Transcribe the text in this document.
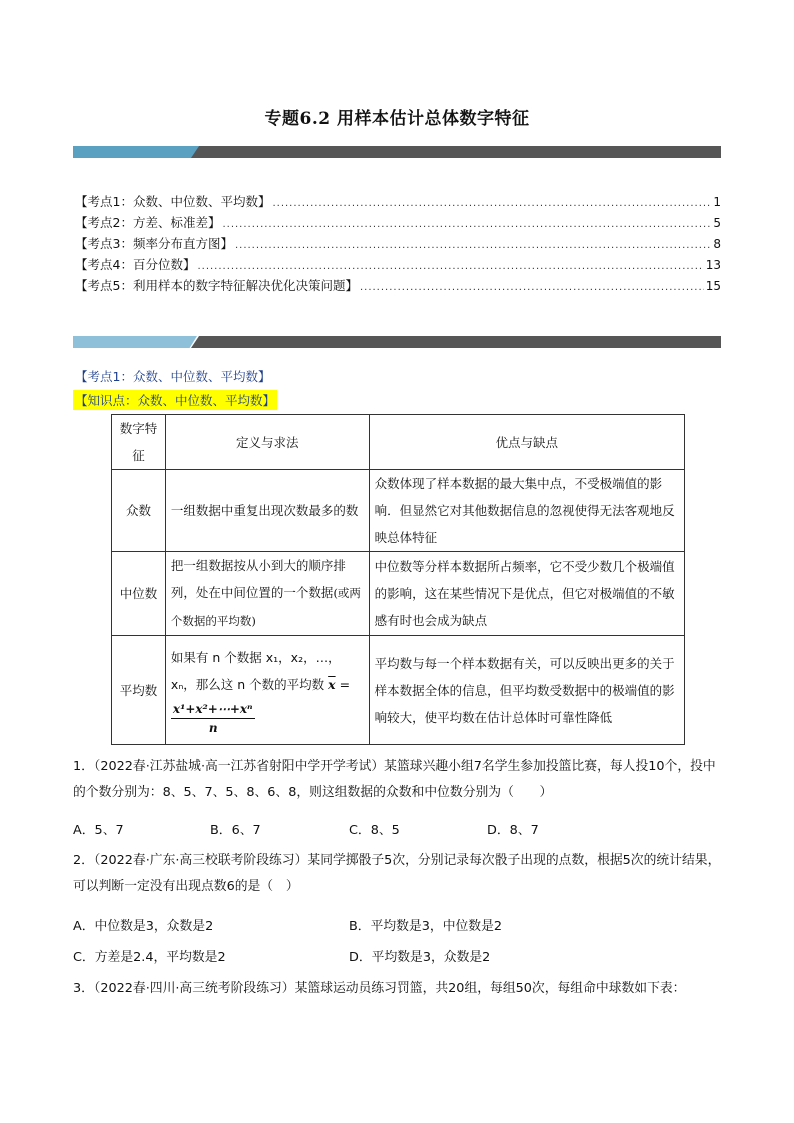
专题6.2 用样本估计总体数字特征
【考点1：众数、中位数、平均数】 .....	1
【考点2：方差、标准差】 .....	5
【考点3：频率分布直方图】 .....	8
【考点4：百分位数】 .....	13
【考点5：利用样本的数字特征解决优化决策问题】 .....	15
【考点1：众数、中位数、平均数】
【知识点：众数、中位数、平均数】
数字特征	定义与求法	优点与缺点
众数	一组数据中重复出现次数最多的数	众数体现了样本数据的最大集中点，不受极端值的影响．但显然它对其他数据信息的忽视使得无法客观地反映总体特征
中位数	把一组数据按从小到大的顺序排列，处在中间位置的一个数据(或两个数据的平均数)	中位数等分样本数据所占频率，它不受少数几个极端值的影响，这在某些情况下是优点，但它对极端值的不敏感有时也会成为缺点
平均数	如果有 n 个数据 x₁，x₂，…，xₙ，那么这 n 个数的平均数 $\overline{x}$ =
x¹+x²+⋯+xⁿ
n	平均数与每一个样本数据有关，可以反映出更多的关于样本数据全体的信息，但平均数受数据中的极端值的影响较大，使平均数在估计总体时可靠性降低
1．（2022春·江苏盐城·高一江苏省射阳中学开学考试）某篮球兴趣小组7名学生参加投篮比赛，每人投10个，投中的个数分别为：8、5、7、5、8、6、8，则这组数据的众数和中位数分别为（　　）
A．5、7	B．6、7	C．8、5	D．8、7
2．（2022春·广东·高三校联考阶段练习）某同学掷骰子5次，分别记录每次骰子出现的点数，根据5次的统计结果，可以判断一定没有出现点数6的是（　）
A．中位数是3，众数是2	B．平均数是3，中位数是2
C．方差是2.4，平均数是2	D．平均数是3，众数是2
3．（2022春·四川·高三统考阶段练习）某篮球运动员练习罚篮，共20组，每组50次，每组命中球数如下表：
